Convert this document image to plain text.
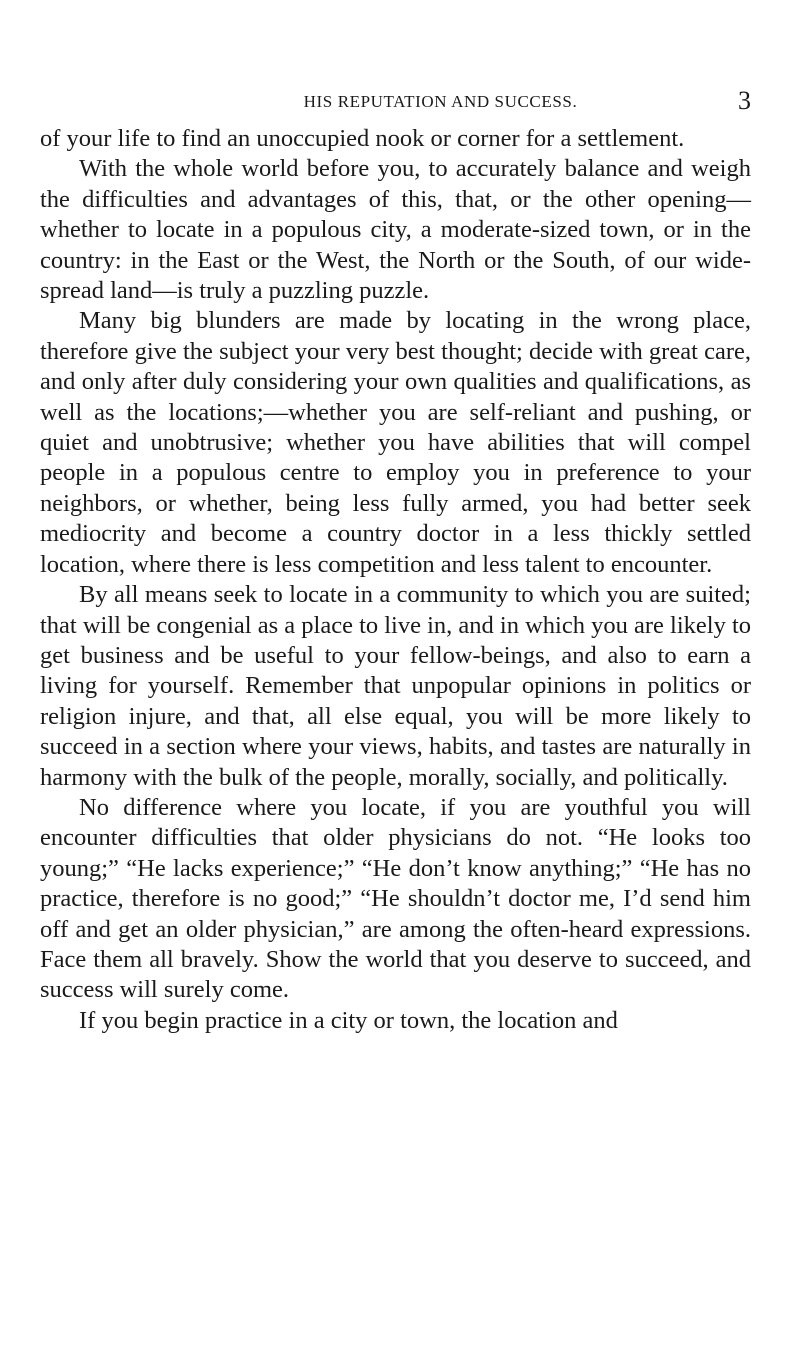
HIS REPUTATION AND SUCCESS.	3

of your life to find an unoccupied nook or corner for a settlement.

With the whole world before you, to accurately balance and weigh the difficulties and advantages of this, that, or the other opening—whether to locate in a populous city, a moderate-sized town, or in the country: in the East or the West, the North or the South, of our wide-spread land—is truly a puzzling puzzle.

Many big blunders are made by locating in the wrong place, therefore give the subject your very best thought; decide with great care, and only after duly considering your own qualities and qualifications, as well as the locations;—whether you are self-reliant and pushing, or quiet and unobtrusive; whether you have abilities that will compel people in a populous centre to employ you in preference to your neighbors, or whether, being less fully armed, you had better seek mediocrity and become a country doctor in a less thickly settled location, where there is less competition and less talent to encounter.

By all means seek to locate in a community to which you are suited; that will be congenial as a place to live in, and in which you are likely to get business and be useful to your fellow-beings, and also to earn a living for yourself. Remember that unpopular opinions in politics or religion injure, and that, all else equal, you will be more likely to succeed in a section where your views, habits, and tastes are naturally in harmony with the bulk of the people, morally, socially, and politically.

No difference where you locate, if you are youthful you will encounter difficulties that older physicians do not. “He looks too young;” “He lacks experience;” “He don’t know anything;” “He has no practice, therefore is no good;” “He shouldn’t doctor me, I’d send him off and get an older physician,” are among the often-heard expressions. Face them all bravely. Show the world that you deserve to succeed, and success will surely come.

If you begin practice in a city or town, the location and
